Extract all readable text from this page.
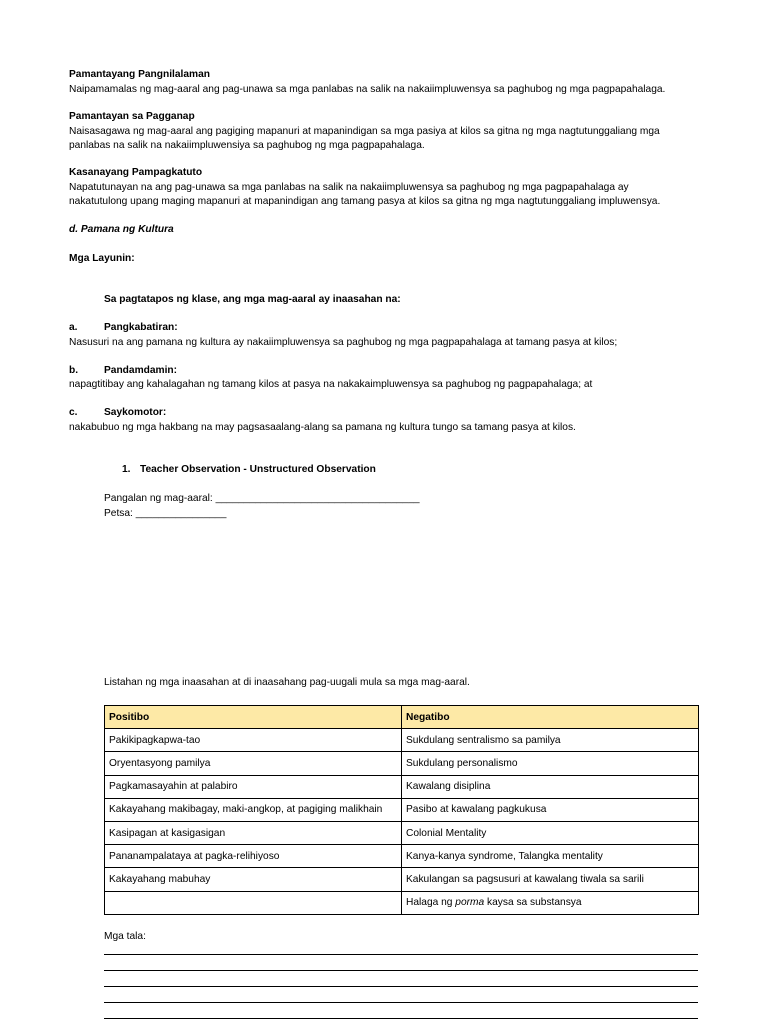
Pamantayang Pangnilalaman
Naipamamalas ng mag-aaral ang pag-unawa sa mga panlabas na salik na nakaiimpluwensya sa paghubog ng mga pagpapahalaga.
Pamantayan sa Pagganap
Naisasagawa ng mag-aaral ang pagiging mapanuri at mapanindigan sa mga pasiya at kilos sa gitna ng mga nagtutunggaliang mga
panlabas na salik na nakaiimpluwensiya sa paghubog ng mga pagpapahalaga.
Kasanayang Pampagkatuto
Napatutunayan na ang pag-unawa sa mga panlabas na salik na nakaiimpluwensya sa paghubog ng mga pagpapahalaga ay
nakatutulong upang maging mapanuri at mapanindigan ang tamang pasya at kilos sa gitna ng mga nagtutunggaliang impluwensya.
d. Pamana ng Kultura
Mga Layunin:
Sa pagtatapos ng klase, ang mga mag-aaral ay inaasahan na:
a.	Pangkabatiran:
Nasusuri na ang pamana ng kultura ay nakaiimpluwensya sa paghubog ng mga pagpapahalaga at tamang pasya at kilos;
b.	Pandamdamin:
napagtitibay ang kahalagahan ng tamang kilos at pasya na nakakaimpluwensya sa paghubog ng pagpapahalaga; at
c.	Saykomotor:
nakabubuo ng mga hakbang na may pagsasaalang-alang sa pamana ng kultura tungo sa tamang pasya at kilos.
1. Teacher Observation - Unstructured Observation
Pangalan ng mag-aaral: ____________________________________
Petsa: ________________
Listahan ng mga inaasahan at di inaasahang pag-uugali mula sa mga mag-aaral.
Positibo	Negatibo
Pakikipagkapwa-tao	Sukdulang sentralismo sa pamilya
Oryentasyong pamilya	Sukdulang personalismo
Pagkamasayahin at palabiro	Kawalang disiplina
Kakayahang makibagay, maki-angkop, at pagiging malikhain	Pasibo at kawalang pagkukusa
Kasipagan at kasigasigan	Colonial Mentality
Pananampalataya at pagka-relihiyoso	Kanya-kanya syndrome, Talangka mentality
Kakayahang mabuhay	Kakulangan sa pagsusuri at kawalang tiwala sa sarili
	Halaga ng porma kaysa sa substansya
Mga tala:
